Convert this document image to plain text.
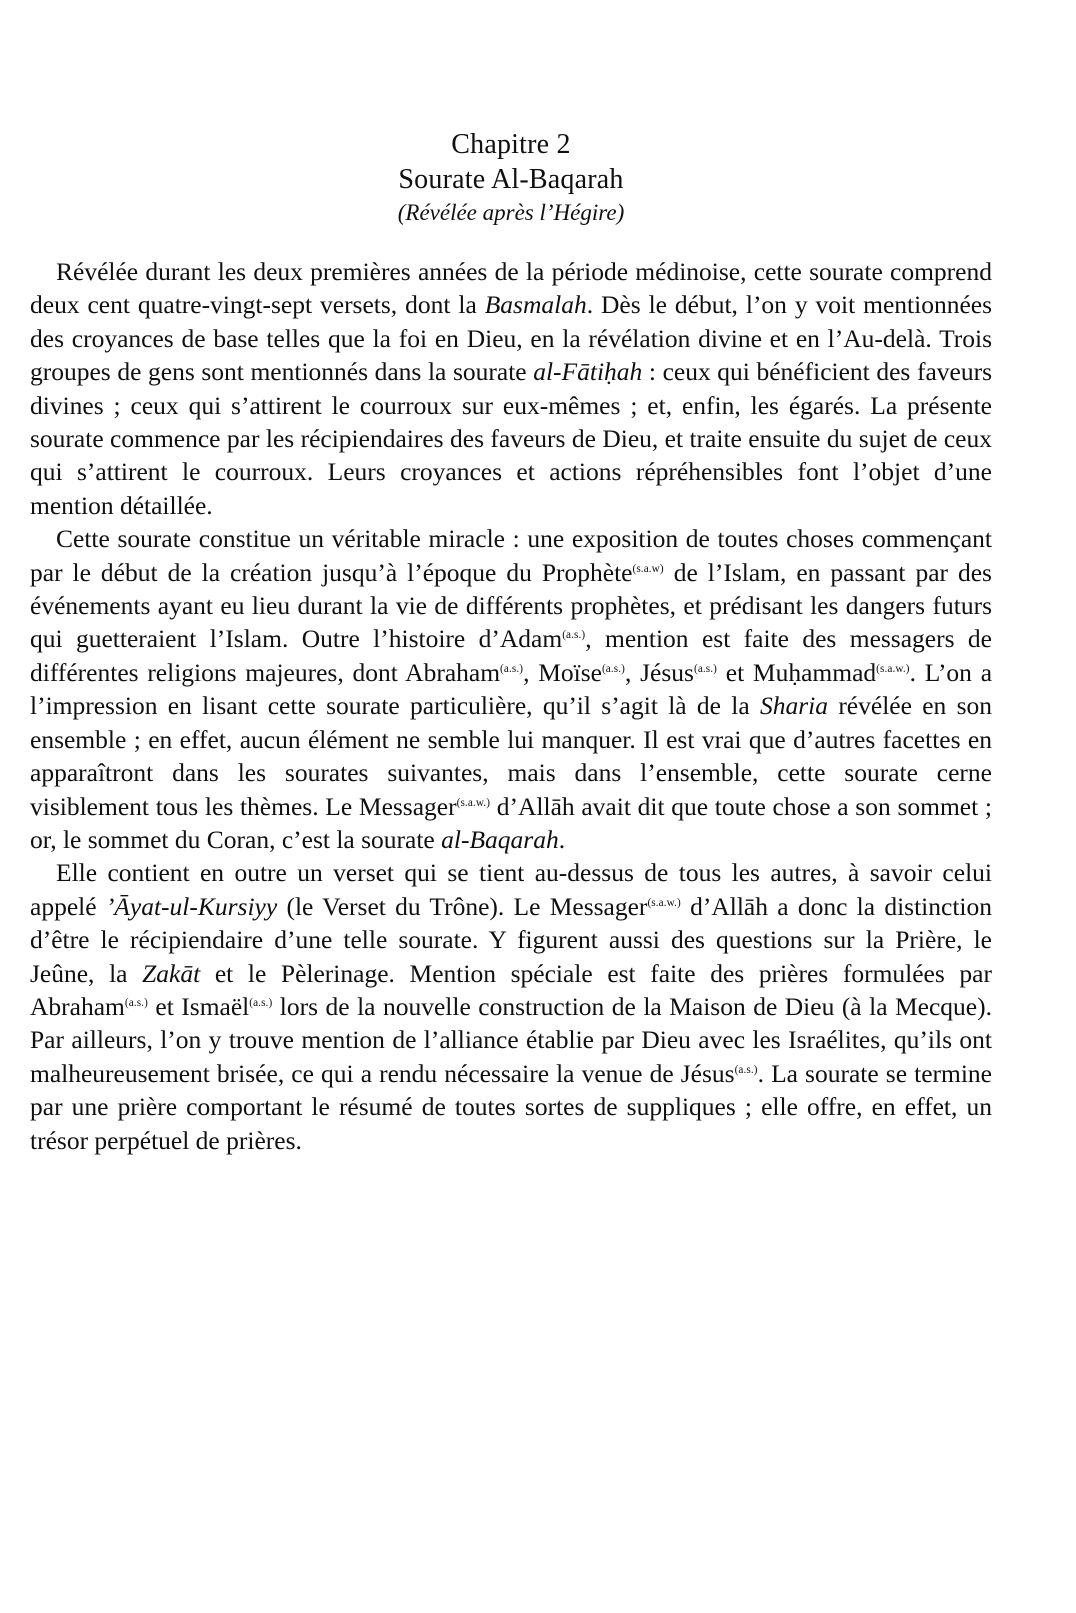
Chapitre 2
Sourate Al-Baqarah
(Révélée après l’Hégire)

Révélée durant les deux premières années de la période médinoise, cette sourate comprend deux cent quatre-vingt-sept versets, dont la Basmalah. Dès le début, l’on y voit mentionnées des croyances de base telles que la foi en Dieu, en la révélation divine et en l’Au-delà. Trois groupes de gens sont mentionnés dans la sourate al-Fātiḥah : ceux qui bénéficient des faveurs divines ; ceux qui s’attirent le courroux sur eux-mêmes ; et, enfin, les égarés. La présente sourate commence par les récipiendaires des faveurs de Dieu, et traite ensuite du sujet de ceux qui s’attirent le courroux. Leurs croyances et actions répréhensibles font l’objet d’une mention détaillée.

Cette sourate constitue un véritable miracle : une exposition de toutes choses commençant par le début de la création jusqu’à l’époque du Prophète$^{(s.a.w)}$ de l’Islam, en passant par des événements ayant eu lieu durant la vie de différents prophètes, et prédisant les dangers futurs qui guetteraient l’Islam. Outre l’histoire d’Adam$^{(a.s.)}$, mention est faite des messagers de différentes religions majeures, dont Abraham$^{(a.s.)}$, Moïse$^{(a.s.)}$, Jésus$^{(a.s.)}$ et Muḥammad$^{(s.a.w.)}$. L’on a l’impression en lisant cette sourate particulière, qu’il s’agit là de la Sharia révélée en son ensemble ; en effet, aucun élément ne semble lui manquer. Il est vrai que d’autres facettes en apparaîtront dans les sourates suivantes, mais dans l’ensemble, cette sourate cerne visiblement tous les thèmes. Le Messager$^{(s.a.w.)}$ d’Allāh avait dit que toute chose a son sommet ; or, le sommet du Coran, c’est la sourate al-Baqarah.

Elle contient en outre un verset qui se tient au-dessus de tous les autres, à savoir celui appelé ’Āyat-ul-Kursiyy (le Verset du Trône). Le Messager$^{(s.a.w.)}$ d’Allāh a donc la distinction d’être le récipiendaire d’une telle sourate. Y figurent aussi des questions sur la Prière, le Jeûne, la Zakāt et le Pèlerinage. Mention spéciale est faite des prières formulées par Abraham$^{(a.s.)}$ et Ismaël$^{(a.s.)}$ lors de la nouvelle construction de la Maison de Dieu (à la Mecque). Par ailleurs, l’on y trouve mention de l’alliance établie par Dieu avec les Israélites, qu’ils ont malheureusement brisée, ce qui a rendu nécessaire la venue de Jésus$^{(a.s.)}$. La sourate se termine par une prière comportant le résumé de toutes sortes de suppliques ; elle offre, en effet, un trésor perpétuel de prières.
